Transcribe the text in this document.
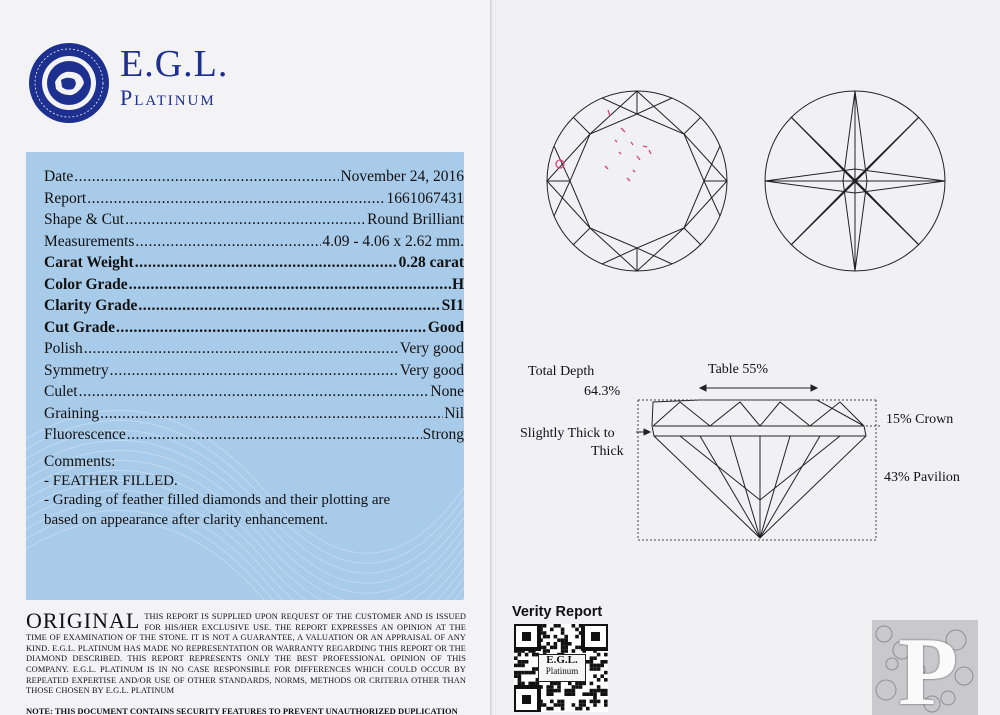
E.G.L.
Platinum
Date .....	November 24, 2016
Report .....	1661067431
Shape & Cut .....	Round Brilliant
Measurements .....	4.09 - 4.06 x 2.62 mm.
Carat Weight .....	0.28 carat
Color Grade .....	H
Clarity Grade .....	SI1
Cut Grade .....	Good
Polish .....	Very good
Symmetry .....	Very good
Culet .....	None
Graining .....	Nil
Fluorescence .....	Strong
Comments:
- FEATHER FILLED.
- Grading of feather filled diamonds and their plotting are based on appearance after clarity enhancement.
ORIGINAL THIS REPORT IS SUPPLIED UPON REQUEST OF THE CUSTOMER AND IS ISSUED FOR HIS/HER EXCLUSIVE USE. THE REPORT EXPRESSES AN OPINION AT THE TIME OF EXAMINATION OF THE STONE. IT IS NOT A GUARANTEE, A VALUATION OR AN APPRAISAL OF ANY KIND. E.G.L. PLATINUM HAS MADE NO REPRESENTATION OR WARRANTY REGARDING THIS REPORT OR THE DIAMOND DESCRIBED. THIS REPORT REPRESENTS ONLY THE BEST PROFESSIONAL OPINION OF THIS COMPANY. E.G.L. PLATINUM IS IN NO CASE RESPONSIBLE FOR DIFFERENCES WHICH COULD OCCUR BY REPEATED EXPERTISE AND/OR USE OF OTHER STANDARDS, NORMS, METHODS OR CRITERIA OTHER THAN THOSE CHOSEN BY E.G.L. PLATINUM
NOTE: THIS DOCUMENT CONTAINS SECURITY FEATURES TO PREVENT UNAUTHORIZED DUPLICATION
Total Depth
64.3%
Table 55%
15% Crown
43% Pavilion
Slightly Thick to
Thick
Verity Report
E.G.L.
Platinum	P
